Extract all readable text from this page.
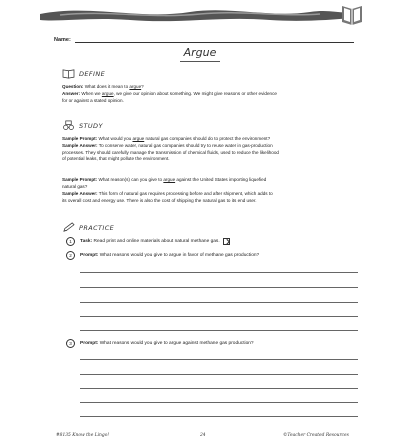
Name:
Argue
DEFINE
Question: What does it mean to argue?
Answer: When we argue, we give our opinion about something. We might give reasons or other evidence
for or against a stated opinion.
STUDY
Sample Prompt: What would you argue natural gas companies should do to protect the environment?
Sample Answer: To conserve water, natural gas companies should try to reuse water in gas-production
processes. They should carefully manage the transmission of chemical fluids, used to reduce the likelihood
of potential leaks, that might pollute the environment.
Sample Prompt: What reason(s) can you give to argue against the United States importing liquefied
natural gas?
Sample Answer: This form of natural gas requires processing before and after shipment, which adds to
its overall cost and energy use. There is also the cost of shipping the natural gas to its end user.
PRACTICE
1	Task:
Read print and online materials about natural methane gas.
2	Prompt:
What reasons would you give to argue in favor of methane gas production?
3	Prompt:
What reasons would you give to argue against methane gas production?
#8135 Know the Lingo!	24	©Teacher Created Resources
